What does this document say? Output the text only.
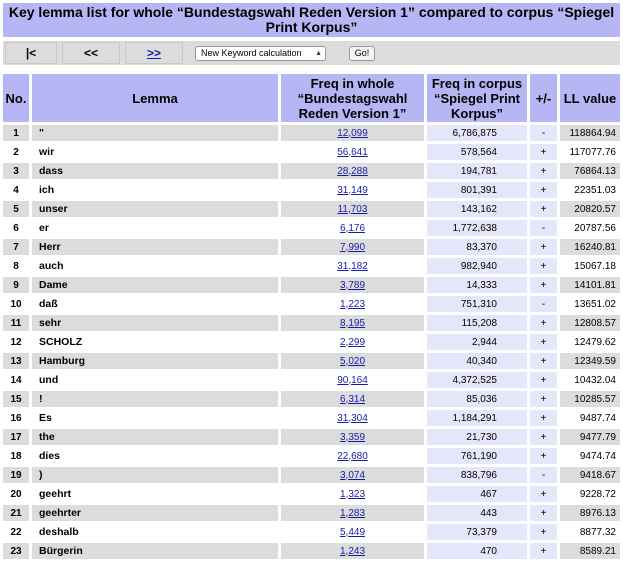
Key lemma list for whole “Bundestagswahl Reden Version 1” compared to corpus “Spiegel Print Korpus”
|<	<<	>>	New Keyword calculation ▲	Go!
No.	Lemma	Freq in whole “Bundestagswahl Reden Version 1”	Freq in corpus “Spiegel Print Korpus”	+/-	LL value
1	"	12,099	6,786,875	-	118864.94
2	wir	56,641	578,564	+	117077.76
3	dass	28,288	194,781	+	76864.13
4	ich	31,149	801,391	+	22351.03
5	unser	11,703	143,162	+	20820.57
6	er	6,176	1,772,638	-	20787.56
7	Herr	7,990	83,370	+	16240.81
8	auch	31,182	982,940	+	15067.18
9	Dame	3,789	14,333	+	14101.81
10	daß	1,223	751,310	-	13651.02
11	sehr	8,195	115,208	+	12808.57
12	SCHOLZ	2,299	2,944	+	12479.62
13	Hamburg	5,020	40,340	+	12349.59
14	und	90,164	4,372,525	+	10432.04
15	!	6,314	85,036	+	10285.57
16	Es	31,304	1,184,291	+	9487.74
17	the	3,359	21,730	+	9477.79
18	dies	22,680	761,190	+	9474.74
19	)	3,074	838,796	-	9418.67
20	geehrt	1,323	467	+	9228.72
21	geehrter	1,283	443	+	8976.13
22	deshalb	5,449	73,379	+	8877.32
23	Bürgerin	1,243	470	+	8589.21
